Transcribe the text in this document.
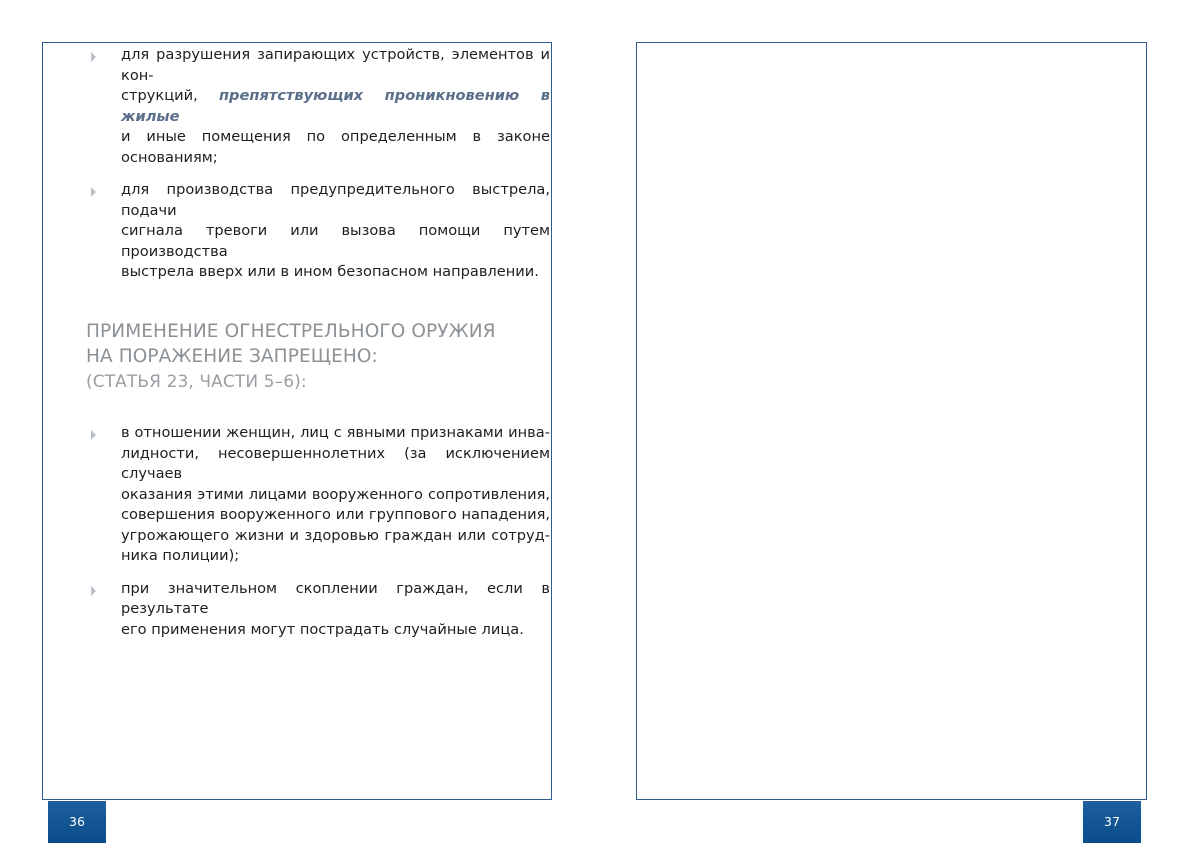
для разрушения запирающих устройств, элементов и кон-
струкций, препятствующих проникновению в жилые
и иные помещения по определенным в законе основаниям;
для производства предупредительного выстрела, подачи
сигнала тревоги или вызова помощи путем производства
выстрела вверх или в ином безопасном направлении.
ПРИМЕНЕНИЕ ОГНЕСТРЕЛЬНОГО ОРУЖИЯ
НА ПОРАЖЕНИЕ ЗАПРЕЩЕНО:
(СТАТЬЯ 23, ЧАСТИ 5–6):
в отношении женщин, лиц с явными признаками инва-
лидности, несовершеннолетних (за исключением случаев
оказания этими лицами вооруженного сопротивления,
совершения вооруженного или группового нападения,
угрожающего жизни и здоровью граждан или сотруд-
ника полиции);
при значительном скоплении граждан, если в результате
его применения могут пострадать случайные лица.
36	37
